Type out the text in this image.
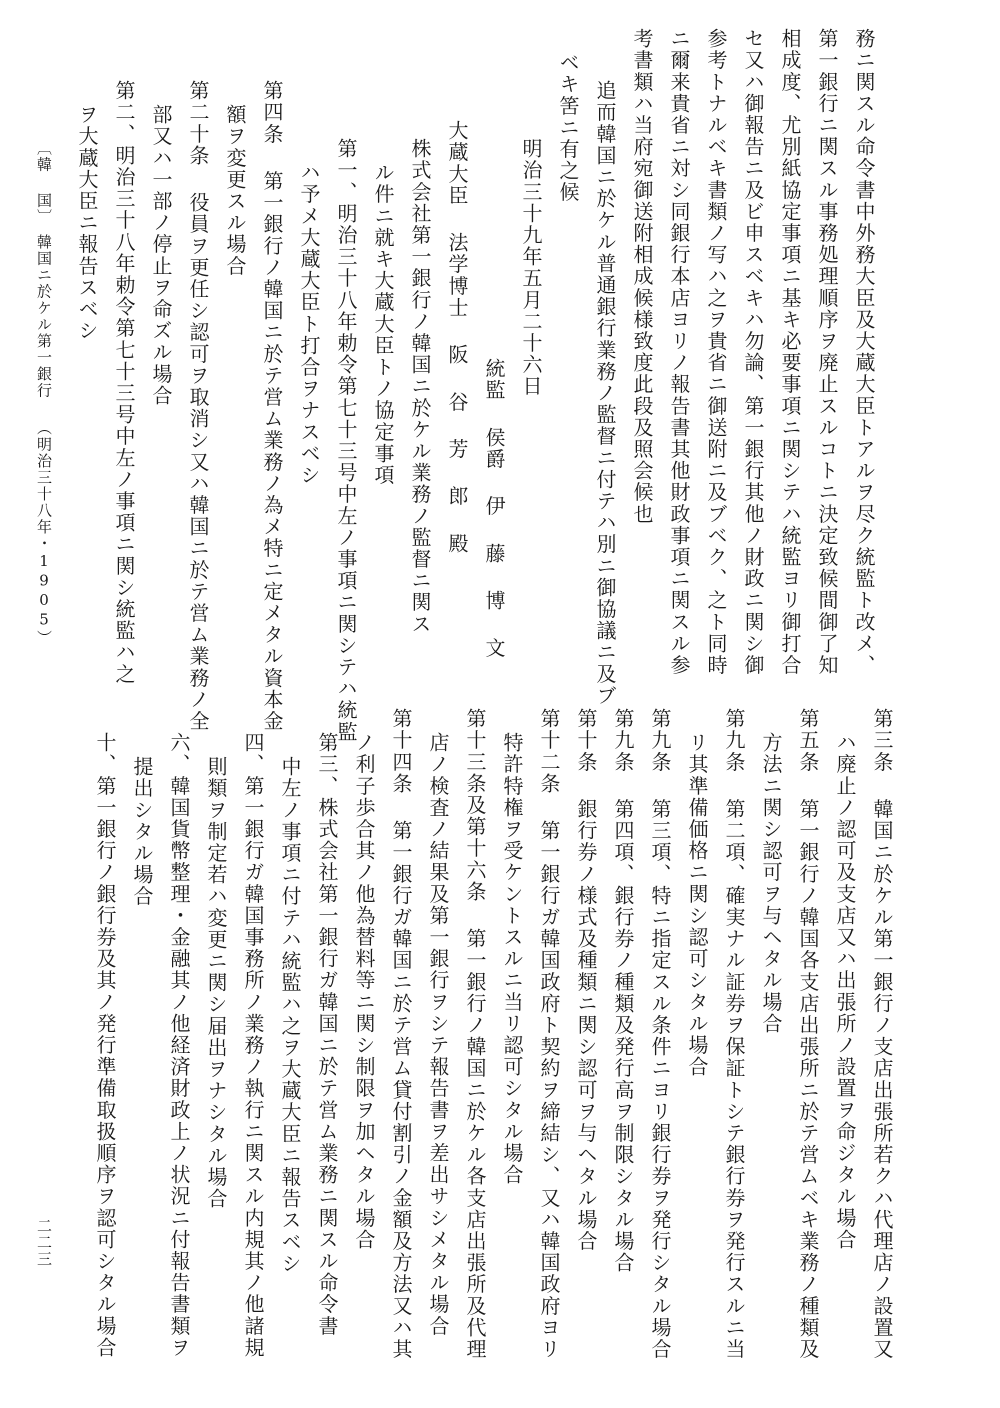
務ニ関スル命令書中外務大臣及大蔵大臣トアルヲ尽ク統監ト改メ、
第一銀行ニ関スル事務処理順序ヲ廃止スルコトニ決定致候間御了知
相成度、尤別紙協定事項ニ基キ必要事項ニ関シテハ統監ヨリ御打合
セ又ハ御報告ニ及ビ申スベキハ勿論、第一銀行其他ノ財政ニ関シ御
参考トナルベキ書類ノ写ハ之ヲ貴省ニ御送附ニ及ブベク、之ト同時
ニ爾来貴省ニ対シ同銀行本店ヨリノ報告書其他財政事項ニ関スル参
考書類ハ当府宛御送附相成候様致度此段及照会候也
追而韓国ニ於ケル普通銀行業務ノ監督ニ付テハ別ニ御協議ニ及ブ
ベキ筈ニ有之候
明治三十九年五月二十六日
統監 侯爵 伊 藤 博 文
大蔵大臣 法学博士 阪 谷 芳 郎 殿
株式会社第一銀行ノ韓国ニ於ケル業務ノ監督ニ関ス
ル件ニ就キ大蔵大臣トノ協定事項
第一、明治三十八年勅令第七十三号中左ノ事項ニ関シテハ統監
ハ予メ大蔵大臣ト打合ヲナスベシ
第四条 第一銀行ノ韓国ニ於テ営ム業務ノ為メ特ニ定メタル資本金
額ヲ変更スル場合
第二十条 役員ヲ更任シ認可ヲ取消シ又ハ韓国ニ於テ営ム業務ノ全
部又ハ一部ノ停止ヲ命ズル場合
第二、明治三十八年勅令第七十三号中左ノ事項ニ関シ統監ハ之
ヲ大蔵大臣ニ報告スベシ
〔韓 国〕
韓国ニ於ケル第一銀行
（明治三十八年・1905）
第三条 韓国ニ於ケル第一銀行ノ支店出張所若クハ代理店ノ設置又
ハ廃止ノ認可及支店又ハ出張所ノ設置ヲ命ジタル場合
第五条 第一銀行ノ韓国各支店出張所ニ於テ営ムベキ業務ノ種類及
方法ニ関シ認可ヲ与ヘタル場合
第九条 第二項、確実ナル証券ヲ保証トシテ銀行券ヲ発行スルニ当
リ其準備価格ニ関シ認可シタル場合
第九条 第三項、特ニ指定スル条件ニヨリ銀行券ヲ発行シタル場合
第九条 第四項、銀行券ノ種類及発行高ヲ制限シタル場合
第十条 銀行券ノ様式及種類ニ関シ認可ヲ与ヘタル場合
第十二条 第一銀行ガ韓国政府ト契約ヲ締結シ、又ハ韓国政府ヨリ
特許特権ヲ受ケントスルニ当リ認可シタル場合
第十三条及第十六条 第一銀行ノ韓国ニ於ケル各支店出張所及代理
店ノ検査ノ結果及第一銀行ヲシテ報告書ヲ差出サシメタル場合
第十四条 第一銀行ガ韓国ニ於テ営ム貸付割引ノ金額及方法又ハ其
ノ利子歩合其ノ他為替料等ニ関シ制限ヲ加ヘタル場合
第三、株式会社第一銀行ガ韓国ニ於テ営ム業務ニ関スル命令書
中左ノ事項ニ付テハ統監ハ之ヲ大蔵大臣ニ報告スベシ
四、第一銀行ガ韓国事務所ノ業務ノ執行ニ関スル内規其ノ他諸規
則類ヲ制定若ハ変更ニ関シ届出ヲナシタル場合
六、韓国貨幣整理・金融其ノ他経済財政上ノ状況ニ付報告書類ヲ
提出シタル場合
十、第一銀行ノ銀行券及其ノ発行準備取扱順序ヲ認可シタル場合
二二三
